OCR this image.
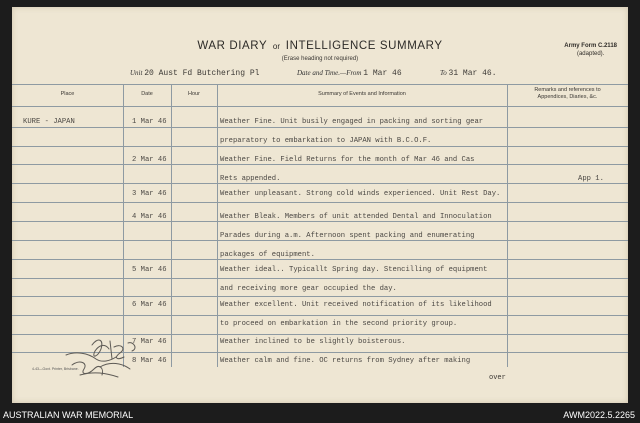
WAR DIARY or INTELLIGENCE SUMMARY
(Erase heading not required)
Army Form C.2118
(adapted).
Unit 20 Aust Fd Butchering Pl	Date and Time.—From 1 Mar 46	To 31 Mar 46.
Place	Date	Hour	Summary of Events and Information
Remarks and references to
Appendices, Diaries, &c.
KURE - JAPAN	1 Mar 46	Weather Fine. Unit busily engaged in packing and sorting gear
preparatory to embarkation to JAPAN with B.C.O.F.
2 Mar 46	Weather Fine. Field Returns for the month of Mar 46 and Cas
Rets appended.	App 1.
3 Mar 46	Weather unpleasant. Strong cold winds experienced. Unit Rest Day.
4 Mar 46	Weather Bleak. Members of unit attended Dental and Innoculation
Parades during a.m. Afternoon spent packing and enumerating
packages of equipment.
5 Mar 46	Weather ideal.. Typicallt Spring day. Stencilling of equipment
and receiving more gear occupied the day.
6 Mar 46	Weather excellent. Unit received notification of its likelihood
to proceed on embarkation in the second priority group.
7 Mar 46	Weather inclined to be slightly boisterous.
8 Mar 46	Weather calm and fine. OC returns from Sydney after making
4-43—Govt. Printer, Brisbane.
over
AUSTRALIAN WAR MEMORIAL	AWM2022.5.2265
